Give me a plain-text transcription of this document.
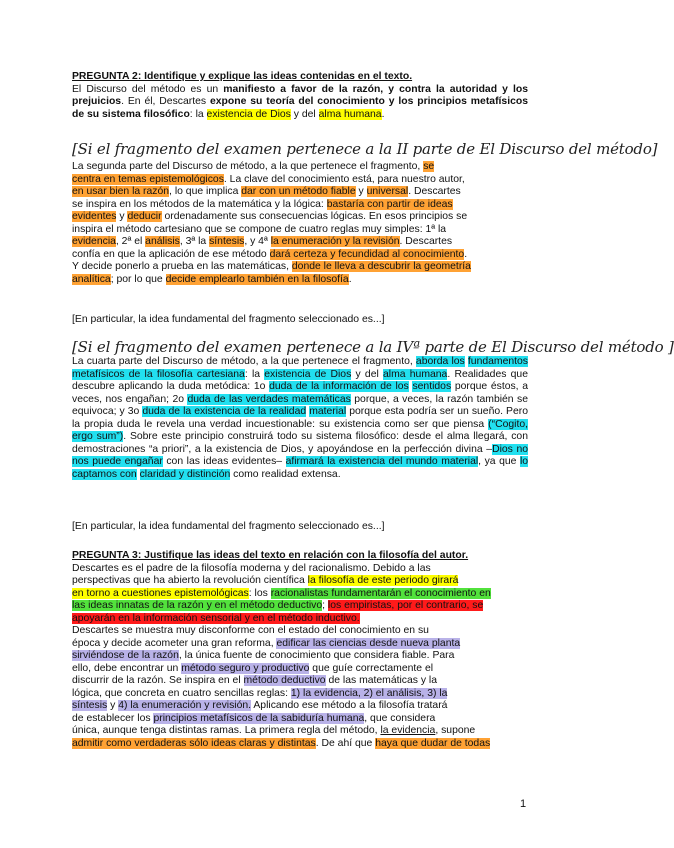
PREGUNTA 2: Identifique y explique las ideas contenidas en el texto.
El Discurso del método es un manifiesto a favor de la razón, y contra la autoridad y los prejuicios. En él, Descartes expone su teoría del conocimiento y los principios metafísicos de su sistema filosófico: la existencia de Dios y del alma humana.
[Si el fragmento del examen pertenece a la II parte de El Discurso del método]
La segunda parte del Discurso de método, a la que pertenece el fragmento, se
centra en temas epistemológicos. La clave del conocimiento está, para nuestro autor,
en usar bien la razón, lo que implica dar con un método fiable y universal. Descartes
se inspira en los métodos de la matemática y la lógica: bastaría con partir de ideas
evidentes y deducir ordenadamente sus consecuencias lógicas. En esos principios se
inspira el método cartesiano que se compone de cuatro reglas muy simples: 1ª la
evidencia, 2ª el análisis, 3ª la síntesis, y 4ª la enumeración y la revisión. Descartes
confía en que la aplicación de ese método dará certeza y fecundidad al conocimiento.
Y decide ponerlo a prueba en las matemáticas, donde le lleva a descubrir la geometría
analítica; por lo que decide emplearlo también en la filosofía.
[En particular, la idea fundamental del fragmento seleccionado es...]
[Si el fragmento del examen pertenece a la IVª parte de El Discurso del método ]
La cuarta parte del Discurso de método, a la que pertenece el fragmento, aborda los fundamentos metafísicos de la filosofía cartesiana: la existencia de Dios y del alma humana. Realidades que descubre aplicando la duda metódica: 1o duda de la información de los sentidos porque éstos, a veces, nos engañan; 2o duda de las verdades matemáticas porque, a veces, la razón también se equivoca; y 3o duda de la existencia de la realidad material porque esta podría ser un sueño. Pero la propia duda le revela una verdad incuestionable: su existencia como ser que piensa (“Cogito, ergo sum”). Sobre este principio construirá todo su sistema filosófico: desde el alma llegará, con demostraciones “a priori”, a la existencia de Dios, y apoyándose en la perfección divina –Dios no nos puede engañar con las ideas evidentes– afirmará la existencia del mundo material, ya que lo captamos con claridad y distinción como realidad extensa.
[En particular, la idea fundamental del fragmento seleccionado es...]
PREGUNTA 3: Justifique las ideas del texto en relación con la filosofía del autor.
Descartes es el padre de la filosofía moderna y del racionalismo. Debido a las
perspectivas que ha abierto la revolución científica la filosofía de este periodo girará
en torno a cuestiones epistemológicas: los racionalistas fundamentarán el conocimiento en
las ideas innatas de la razón y en el método deductivo; los empiristas, por el contrario, se
apoyarán en la información sensorial y en el método inductivo.
Descartes se muestra muy disconforme con el estado del conocimiento en su
época y decide acometer una gran reforma, edificar las ciencias desde nueva planta
sirviéndose de la razón, la única fuente de conocimiento que considera fiable. Para
ello, debe encontrar un método seguro y productivo que guíe correctamente el
discurrir de la razón. Se inspira en el método deductivo de las matemáticas y la
lógica, que concreta en cuatro sencillas reglas: 1) la evidencia, 2) el análisis, 3) la
síntesis y 4) la enumeración y revisión. Aplicando ese método a la filosofía tratará
de establecer los principios metafísicos de la sabiduría humana, que considera
única, aunque tenga distintas ramas. La primera regla del método, la evidencia, supone
admitir como verdaderas sólo ideas claras y distintas. De ahí que haya que dudar de todas
1
